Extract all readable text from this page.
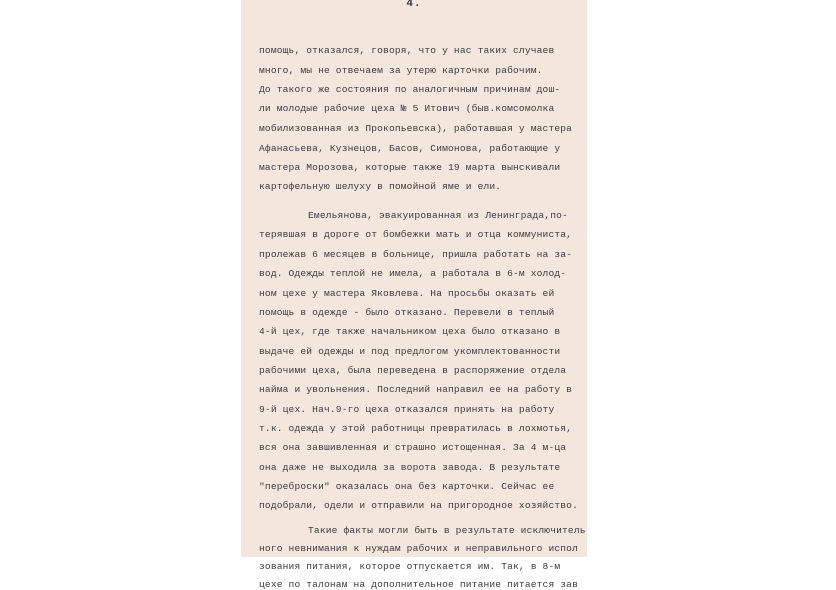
4.
помощь, отказался, говоря, что у нас таких случаев
много, мы не отвечаем за утерю карточки рабочим.
До такого же состояния по аналогичным причинам дош-
ли молодые рабочие цеха № 5 Итович (быв.комсомолка
мобилизованная из Прокопьевска), работавшая у мастера
Афанасьева, Кузнецов, Басов, Симонова, работающие у
мастера Морозова, которые также 19 марта вынскивали
картофельную шелуху в помойной яме и ели.
Емельянова, эвакуированная из Ленинграда,по-
терявшая в дороге от бомбежки мать и отца коммуниста,
пролежав 6 месяцев в больнице, пришла работать на за-
вод. Одежды теплой не имела, а работала в 6-м холод-
ном цехе у мастера Яковлева. На просьбы оказать ей
помощь в одежде - было отказано. Перевели в теплый
4-й цех, где также начальником цеха было отказано в
выдаче ей одежды и под предлогом укомплектованности
рабочими цеха, была переведена в распоряжение отдела
найма и увольнения. Последний направил ее на работу в
9-й цех. Нач.9-го цеха отказался принять на работу
т.к. одежда у этой работницы превратилась в лохмотья,
вся она завшивленная и страшно истощенная. За 4 м-ца
она даже не выходила за ворота завода. В результате
"переброски" оказалась она без карточки. Сейчас ее
подобрали, одели и отправили на пригородное хозяйство.
Такие факты могли быть в результате исключитель
ного невнимания к нуждам рабочих и неправильного испол
зования питания, которое отпускается им. Так, в 8-м
цехе по талонам на дополнительное питание питается зав
